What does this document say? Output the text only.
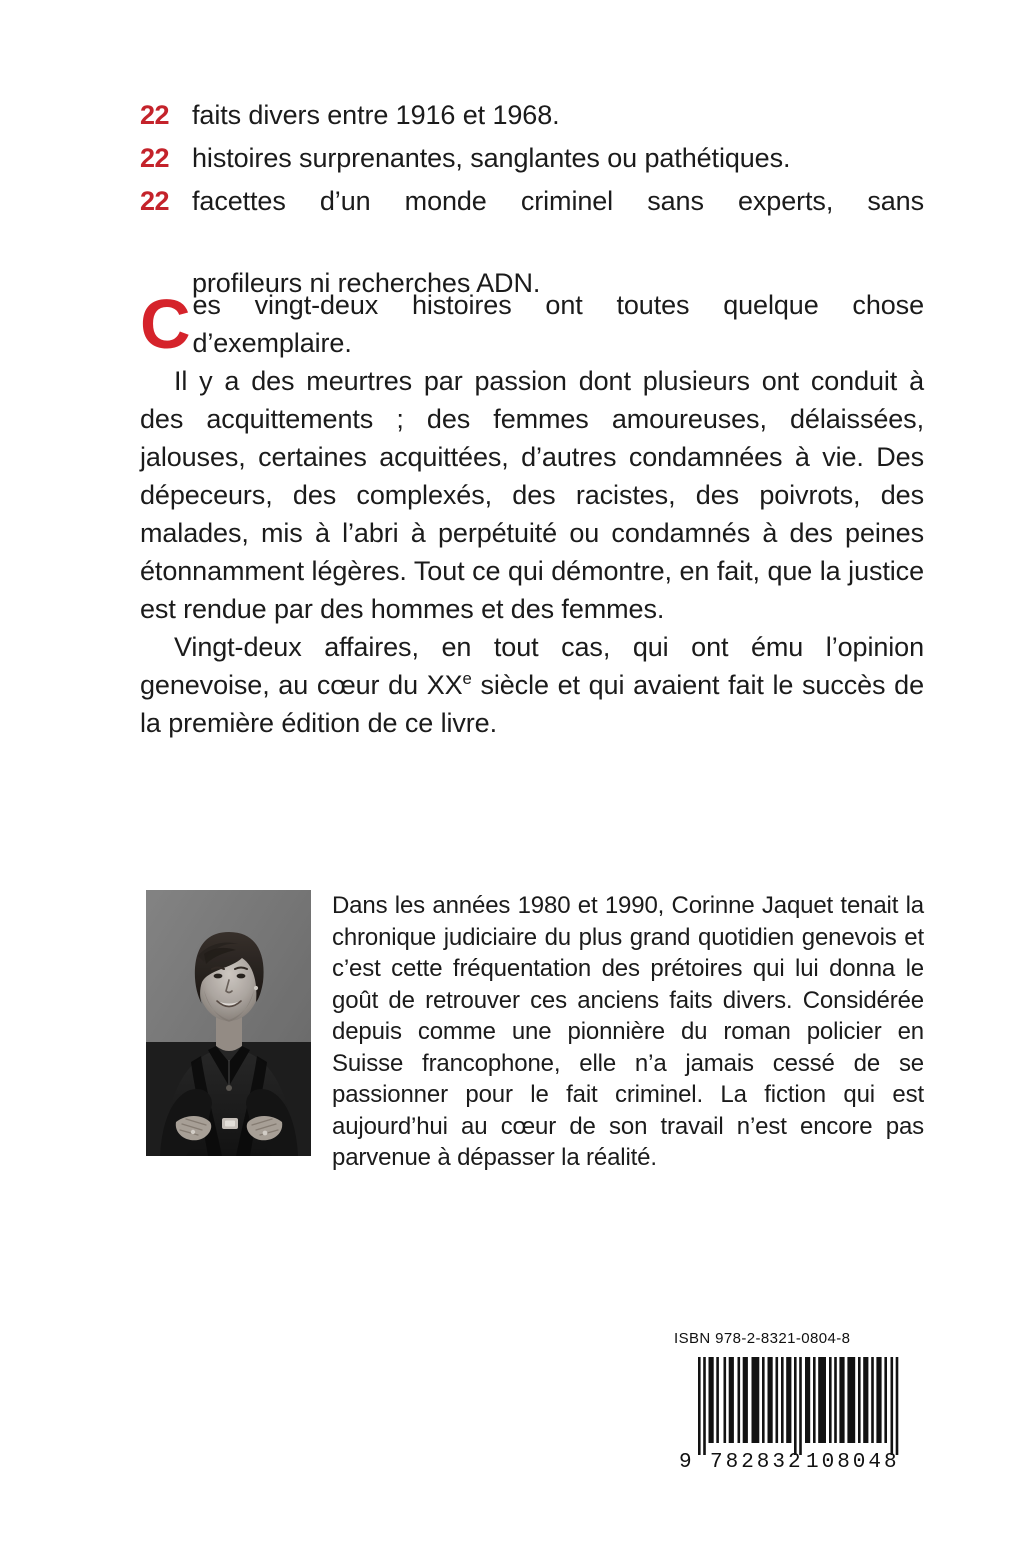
22 faits divers entre 1916 et 1968.
22 histoires surprenantes, sanglantes ou pathétiques.
22 facettes d’un monde criminel sans experts, sans
profileurs ni recherches ADN.

Ces vingt-deux histoires ont toutes quelque chose d’exemplaire.

Il y a des meurtres par passion dont plusieurs ont conduit à des acquittements ; des femmes amoureuses, délaissées, jalouses, certaines acquittées, d’autres condamnées à vie. Des dépeceurs, des complexés, des racistes, des poivrots, des malades, mis à l’abri à perpétuité ou condamnés à des peines étonnamment légères. Tout ce qui démontre, en fait, que la justice est rendue par des hommes et des femmes.

Vingt-deux affaires, en tout cas, qui ont ému l’opinion genevoise, au cœur du XXe siècle et qui avaient fait le succès de la première édition de ce livre.

Dans les années 1980 et 1990, Corinne Jaquet tenait la chronique judiciaire du plus grand quotidien genevois et c’est cette fréquentation des prétoires qui lui donna le goût de retrouver ces anciens faits divers. Considérée depuis comme une pionnière du roman policier en Suisse francophone, elle n’a jamais cessé de se passionner pour le fait criminel. La fiction qui est aujourd’hui au cœur de son travail n’est encore pas parvenue à dépasser la réalité.
ISBN 978-2-8321-0804-8
9 782832 108048
